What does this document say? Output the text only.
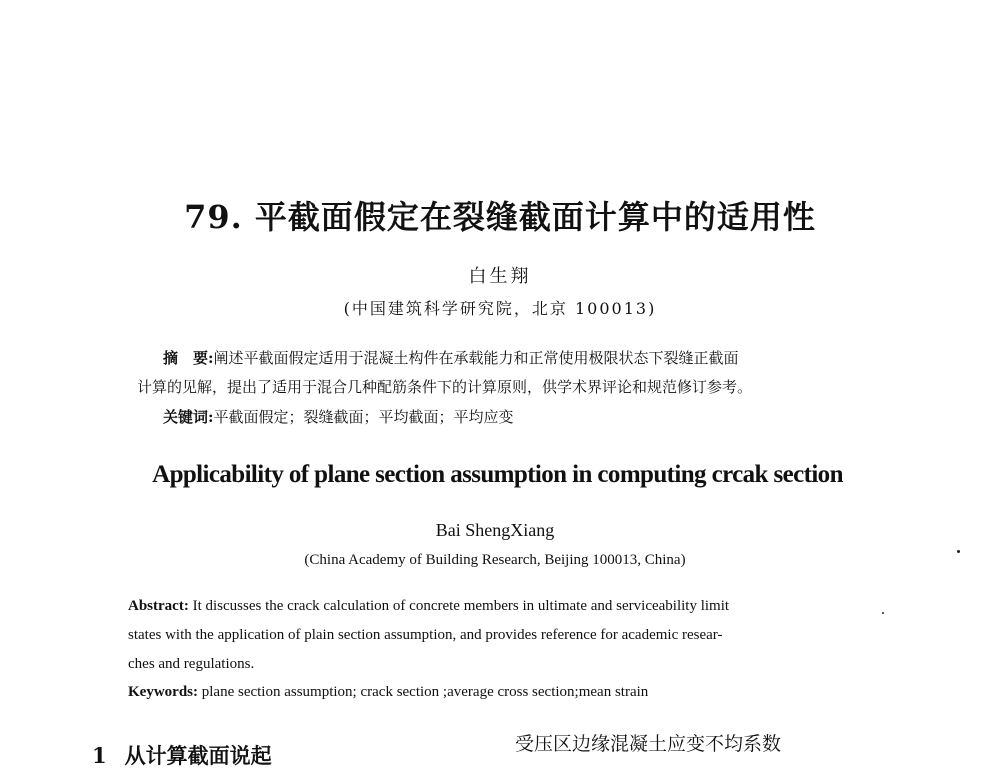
79. 平截面假定在裂缝截面计算中的适用性
白生翔
(中国建筑科学研究院，北京 100013)
摘　要:阐述平截面假定适用于混凝土构件在承载能力和正常使用极限状态下裂缝正截面
计算的见解，提出了适用于混合几种配筋条件下的计算原则，供学术界评论和规范修订参考。
关键词:平截面假定；裂缝截面；平均截面；平均应变
Applicability of plane section assumption in computing crcak section
Bai ShengXiang
(China Academy of Building Research, Beijing 100013, China)
Abstract: It discusses the crack calculation of concrete members in ultimate and serviceability limit
states with the application of plain section assumption, and provides reference for academic resear-
ches and regulations.
Keywords: plane section assumption; crack section ;average cross section;mean strain
1 从计算截面说起	受压区边缘混凝土应变不均系数
